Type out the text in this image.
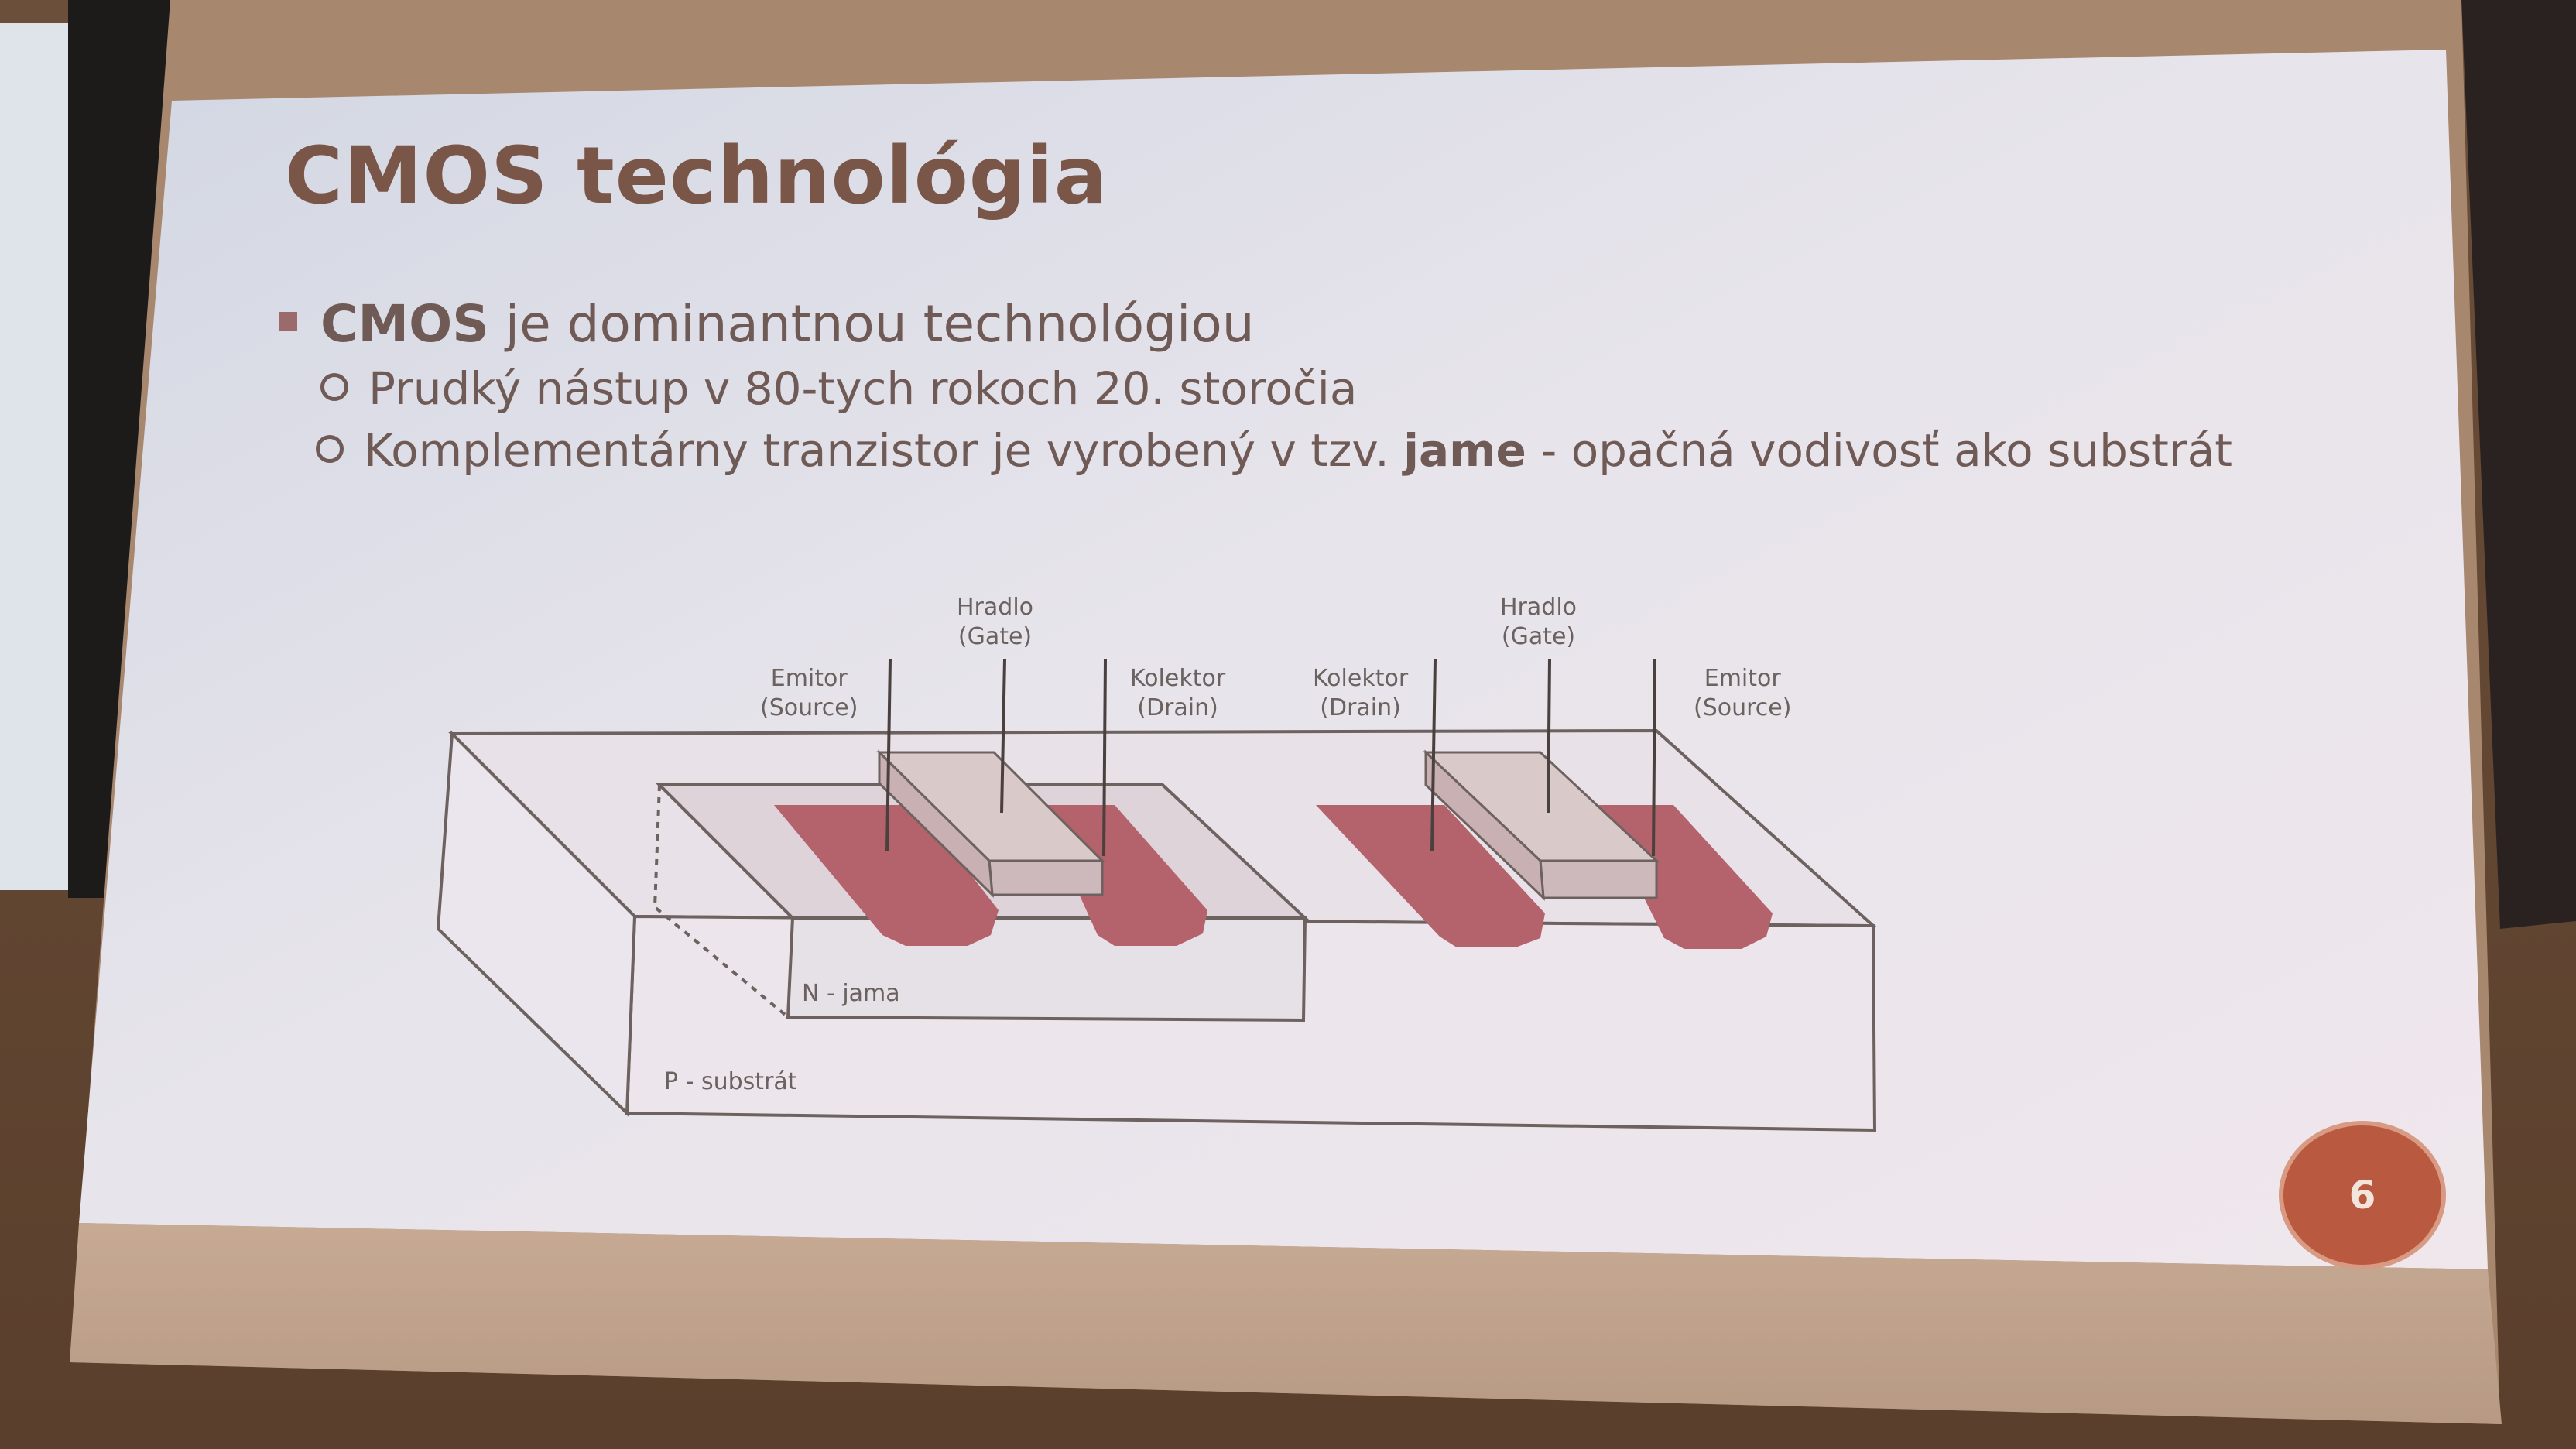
CMOS technológia
CMOS je dominantnou technológiou
Prudký nástup v 80-tych rokoch 20. storočia
Komplementárny tranzistor je vyrobený v tzv. jame - opačná vodivosť ako substrát
Hradlo
(Gate)
Emitor
(Source)
Kolektor
(Drain)
Kolektor
(Drain)
Hradlo
(Gate)
Emitor
(Source)
N - jama
P - substrát
6
